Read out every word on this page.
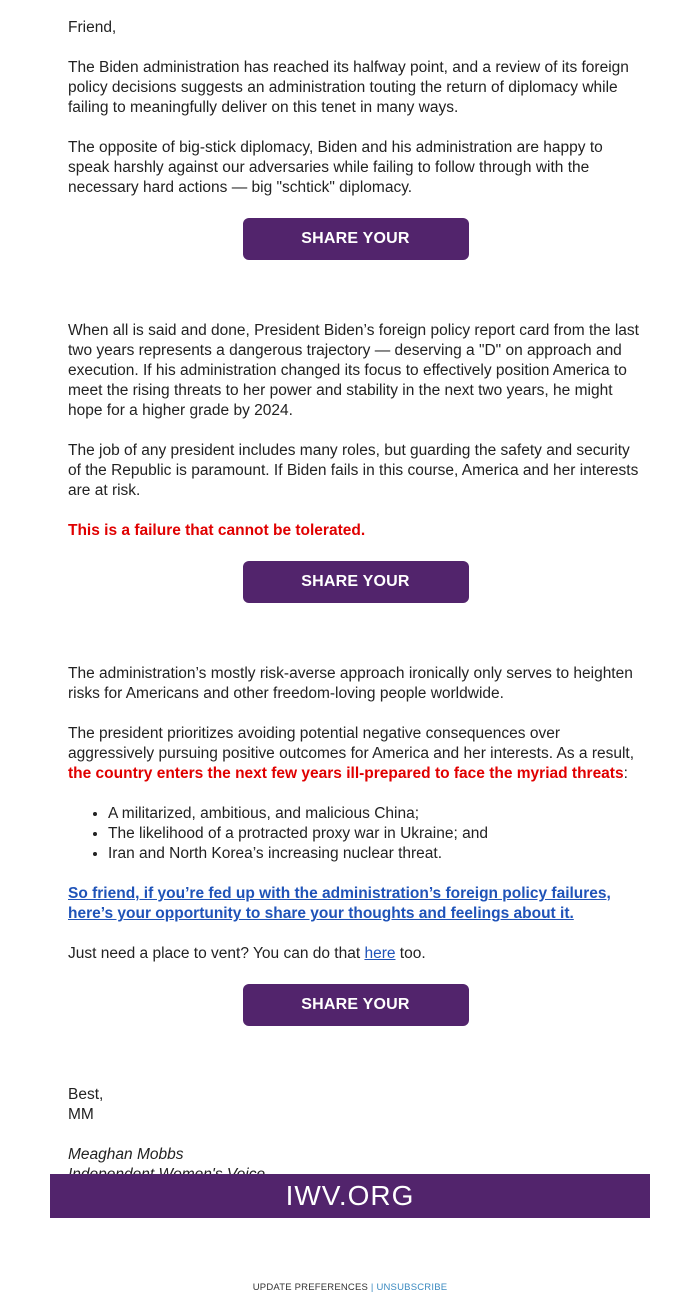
Friend,

The Biden administration has reached its halfway point, and a review of its foreign policy decisions suggests an administration touting the return of diplomacy while failing to meaningfully deliver on this tenet in many ways.

The opposite of big-stick diplomacy, Biden and his administration are happy to speak harshly against our adversaries while failing to follow through with the necessary hard actions — big "schtick" diplomacy.

SHARE YOUR THOUGHTS

When all is said and done, President Biden’s foreign policy report card from the last two years represents a dangerous trajectory — deserving a "D" on approach and execution. If his administration changed its focus to effectively position America to meet the rising threats to her power and stability in the next two years, he might hope for a higher grade by 2024.

The job of any president includes many roles, but guarding the safety and security of the Republic is paramount. If Biden fails in this course, America and her interests are at risk.

This is a failure that cannot be tolerated.

SHARE YOUR THOUGHTS

The administration’s mostly risk-averse approach ironically only serves to heighten risks for Americans and other freedom-loving people worldwide.

The president prioritizes avoiding potential negative consequences over aggressively pursuing positive outcomes for America and her interests. As a result, the country enters the next few years ill-prepared to face the myriad threats:

• A militarized, ambitious, and malicious China;
• The likelihood of a protracted proxy war in Ukraine; and
• Iran and North Korea’s increasing nuclear threat.

So friend, if you’re fed up with the administration’s foreign policy failures, here’s your opportunity to share your thoughts and feelings about it.

Just need a place to vent? You can do that here too.

SHARE YOUR THOUGHTS

Best,
MM

Meaghan Mobbs

IWV.ORG
UPDATE PREFERENCES | UNSUBSCRIBE
